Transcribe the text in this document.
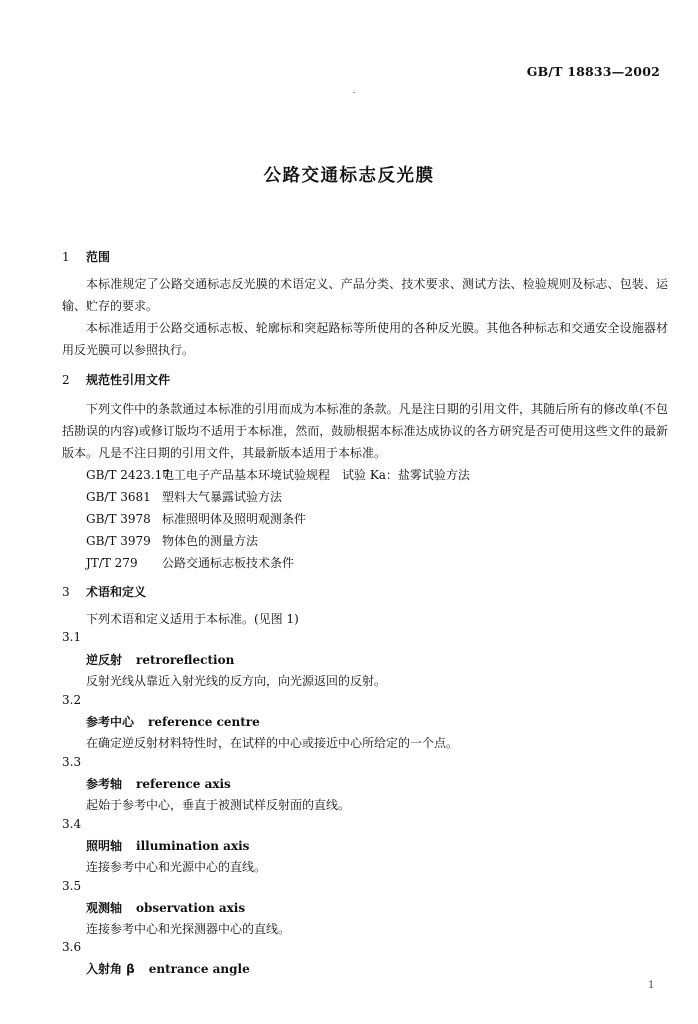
GB/T 18833—2002
公路交通标志反光膜
1 范围
本标准规定了公路交通标志反光膜的术语定义、产品分类、技术要求、测试方法、检验规则及标志、包装、运输、贮存的要求。
本标准适用于公路交通标志板、轮廓标和突起路标等所使用的各种反光膜。其他各种标志和交通安全设施器材用反光膜可以参照执行。
2 规范性引用文件
下列文件中的条款通过本标准的引用而成为本标准的条款。凡是注日期的引用文件，其随后所有的修改单(不包括勘误的内容)或修订版均不适用于本标准，然而，鼓励根据本标准达成协议的各方研究是否可使用这些文件的最新版本。凡是不注日期的引用文件，其最新版本适用于本标准。
GB/T 2423.17电工电子产品基本环境试验规程　试验 Ka：盐雾试验方法
GB/T 3681 塑料大气暴露试验方法
GB/T 3978 标准照明体及照明观测条件
GB/T 3979 物体色的测量方法
JT/T 279 公路交通标志板技术条件
3 术语和定义
下列术语和定义适用于本标准。(见图 1)
3.1
逆反射 retroreflection
反射光线从靠近入射光线的反方向，向光源返回的反射。
3.2
参考中心 reference centre
在确定逆反射材料特性时，在试样的中心或接近中心所给定的一个点。
3.3
参考轴 reference axis
起始于参考中心，垂直于被测试样反射面的直线。
3.4
照明轴 illumination axis
连接参考中心和光源中心的直线。
3.5
观测轴 observation axis
连接参考中心和光探测器中心的直线。
3.6
入射角 β entrance angle
1
